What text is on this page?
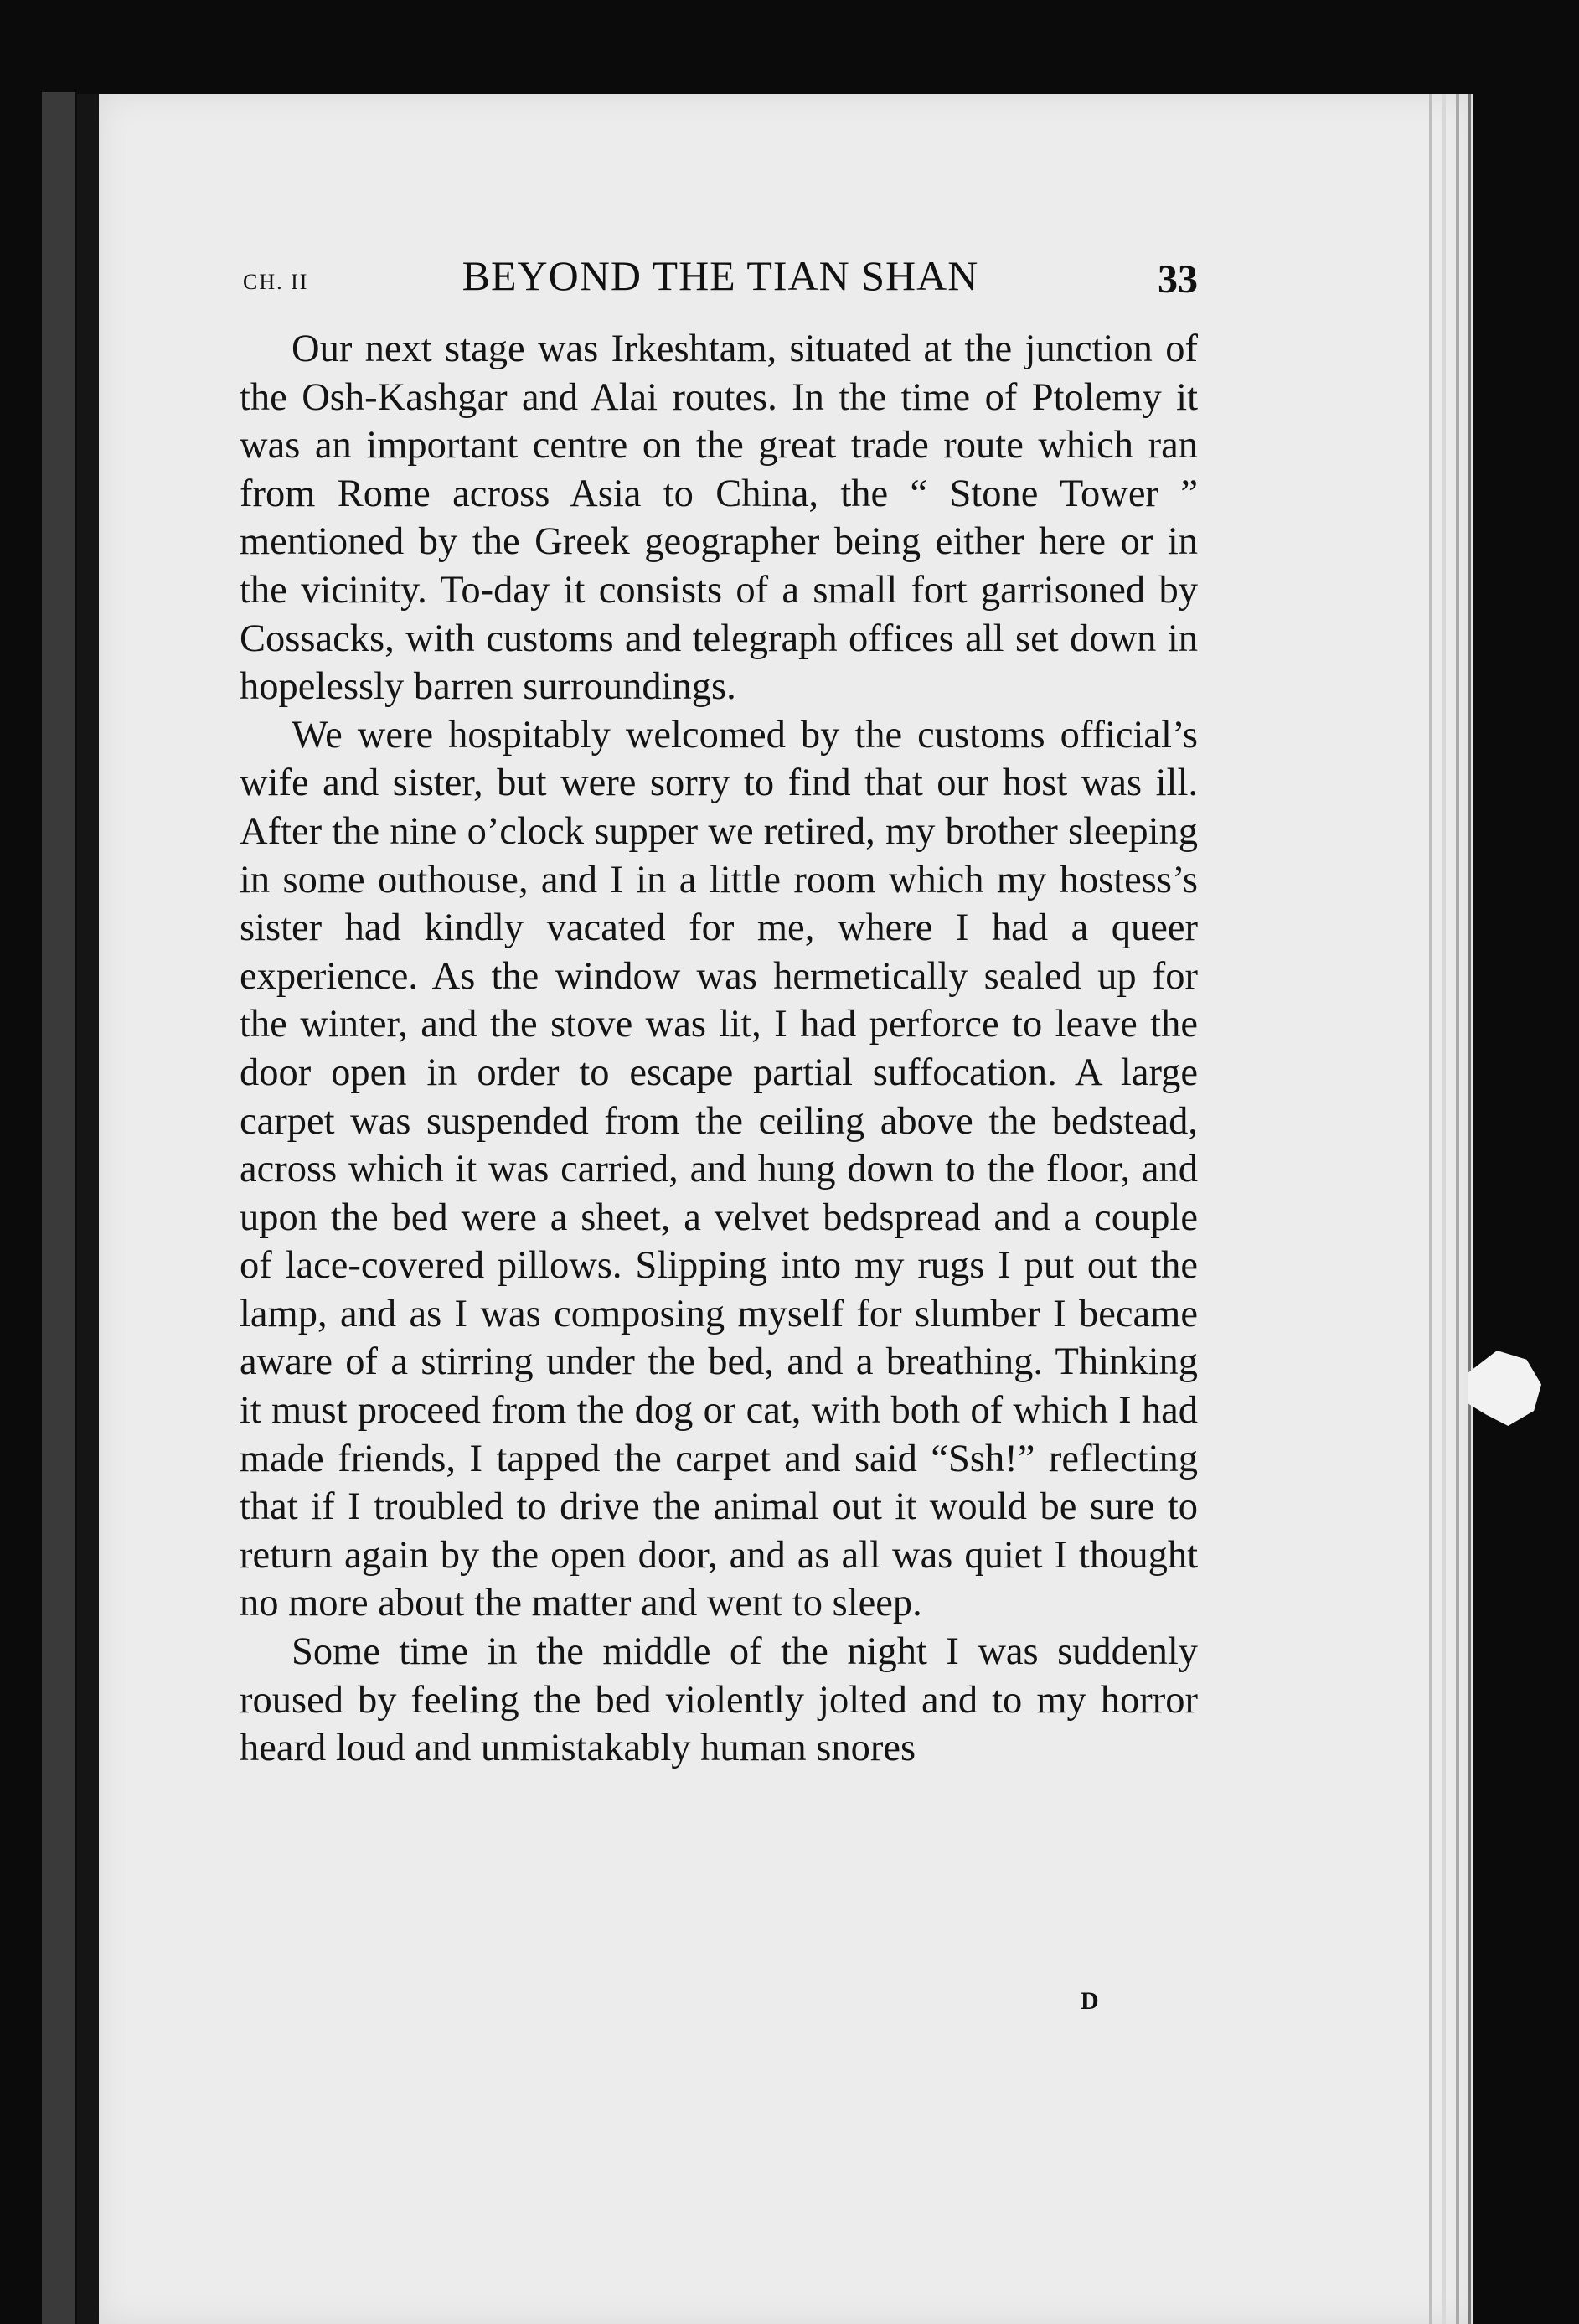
CH. II	BEYOND THE TIAN SHAN	33

Our next stage was Irkeshtam, situated at the junction of the Osh-Kashgar and Alai routes. In the time of Ptolemy it was an important centre on the great trade route which ran from Rome across Asia to China, the “ Stone Tower ” mentioned by the Greek geographer being either here or in the vicinity. To-day it consists of a small fort garrisoned by Cossacks, with customs and telegraph offices all set down in hopelessly barren surroundings.

We were hospitably welcomed by the customs official’s wife and sister, but were sorry to find that our host was ill. After the nine o’clock supper we retired, my brother sleeping in some outhouse, and I in a little room which my hostess’s sister had kindly vacated for me, where I had a queer experience. As the window was hermetically sealed up for the winter, and the stove was lit, I had perforce to leave the door open in order to escape partial suffocation. A large carpet was suspended from the ceiling above the bedstead, across which it was carried, and hung down to the floor, and upon the bed were a sheet, a velvet bedspread and a couple of lace-covered pillows. Slipping into my rugs I put out the lamp, and as I was composing myself for slumber I became aware of a stirring under the bed, and a breathing. Thinking it must proceed from the dog or cat, with both of which I had made friends, I tapped the carpet and said “Ssh!” reflecting that if I troubled to drive the animal out it would be sure to return again by the open door, and as all was quiet I thought no more about the matter and went to sleep.

Some time in the middle of the night I was suddenly roused by feeling the bed violently jolted and to my horror heard loud and unmistakably human snores

D
